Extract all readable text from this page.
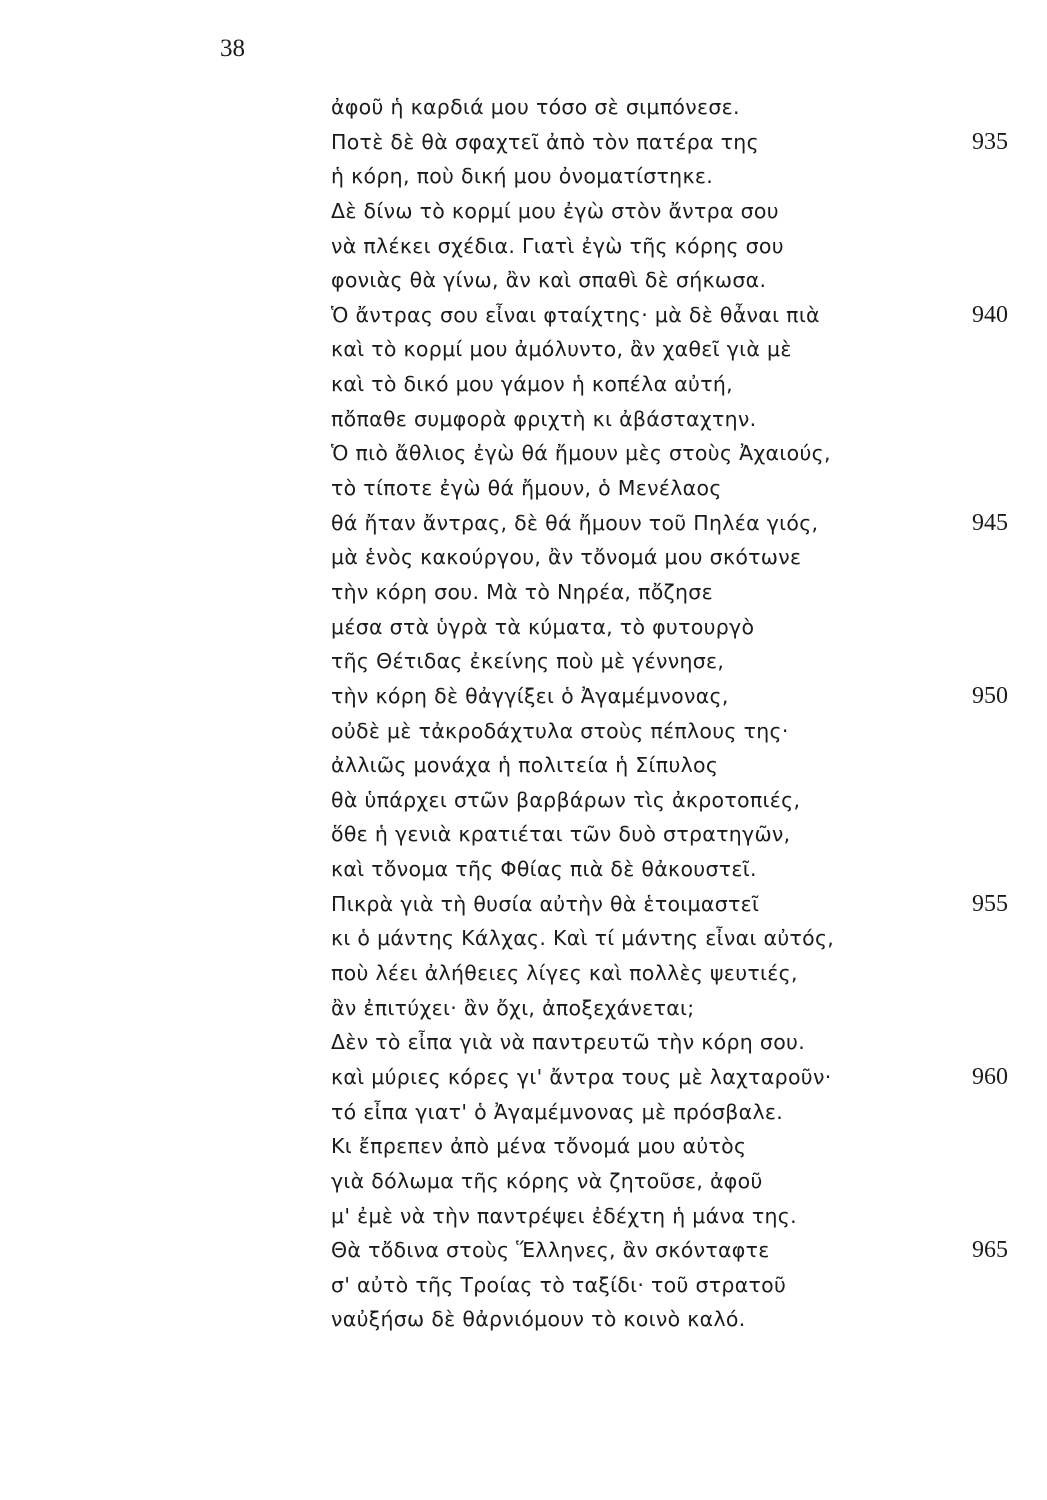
38
ἀφοῦ ἡ καρδιά μου τόσο σὲ σιμπόνεσε.
Ποτὲ δὲ θὰ σφαχτεῖ ἀπὸ τὸν πατέρα της	935
ἡ κόρη, ποὺ δική μου ὀνοματίστηκε.
Δὲ δίνω τὸ κορμί μου ἐγὼ στὸν ἄντρα σου
νὰ πλέκει σχέδια. Γιατὶ ἐγὼ τῆς κόρης σου
φονιὰς θὰ γίνω, ἂν καὶ σπαθὶ δὲ σήκωσα.
Ὁ ἄντρας σου εἶναι φταίχτης· μὰ δὲ θἆναι πιὰ	940
καὶ τὸ κορμί μου ἀμόλυντο, ἂν χαθεῖ γιὰ μὲ
καὶ τὸ δικό μου γάμον ἡ κοπέλα αὐτή,
πὄπαθε συμφορὰ φριχτὴ κι ἀβάσταχτην.
Ὁ πιὸ ἄθλιος ἐγὼ θά ἤμουν μὲς στοὺς Ἀχαιούς,
τὸ τίποτε ἐγὼ θά ἤμουν, ὁ Μενέλαος
θά ἤταν ἄντρας, δὲ θά ἤμουν τοῦ Πηλέα γιός,	945
μὰ ἑνὸς κακούργου, ἂν τὄνομά μου σκότωνε
τὴν κόρη σου. Μὰ τὸ Νηρέα, πὄζησε
μέσα στὰ ὑγρὰ τὰ κύματα, τὸ φυτουργὸ
τῆς Θέτιδας ἐκείνης ποὺ μὲ γέννησε,
τὴν κόρη δὲ θἀγγίξει ὁ Ἀγαμέμνονας,	950
οὐδὲ μὲ τἀκροδάχτυλα στοὺς πέπλους της·
ἀλλιῶς μονάχα ἡ πολιτεία ἡ Σίπυλος
θὰ ὑπάρχει στῶν βαρβάρων τὶς ἀκροτοπιές,
ὅθε ἡ γενιὰ κρατιέται τῶν δυὸ στρατηγῶν,
καὶ τὄνομα τῆς Φθίας πιὰ δὲ θἀκουστεῖ.
Πικρὰ γιὰ τὴ θυσία αὐτὴν θὰ ἑτοιμαστεῖ	955
κι ὁ μάντης Κάλχας. Καὶ τί μάντης εἶναι αὐτός,
ποὺ λέει ἀλήθειες λίγες καὶ πολλὲς ψευτιές,
ἂν ἐπιτύχει· ἂν ὄχι, ἀποξεχάνεται;
Δὲν τὸ εἶπα γιὰ νὰ παντρευτῶ τὴν κόρη σου.
καὶ μύριες κόρες γι' ἄντρα τους μὲ λαχταροῦν·	960
τό εἶπα γιατ' ὁ Ἀγαμέμνονας μὲ πρόσβαλε.
Κι ἔπρεπεν ἀπὸ μένα τὄνομά μου αὐτὸς
γιὰ δόλωμα τῆς κόρης νὰ ζητοῦσε, ἀφοῦ
μ' ἐμὲ νὰ τὴν παντρέψει ἐδέχτη ἡ μάνα της.
Θὰ τὄδινα στοὺς Ἕλληνες, ἂν σκόνταφτε	965
σ' αὐτὸ τῆς Τροίας τὸ ταξίδι· τοῦ στρατοῦ
ναὐξήσω δὲ θἀρνιόμουν τὸ κοινὸ καλό.
